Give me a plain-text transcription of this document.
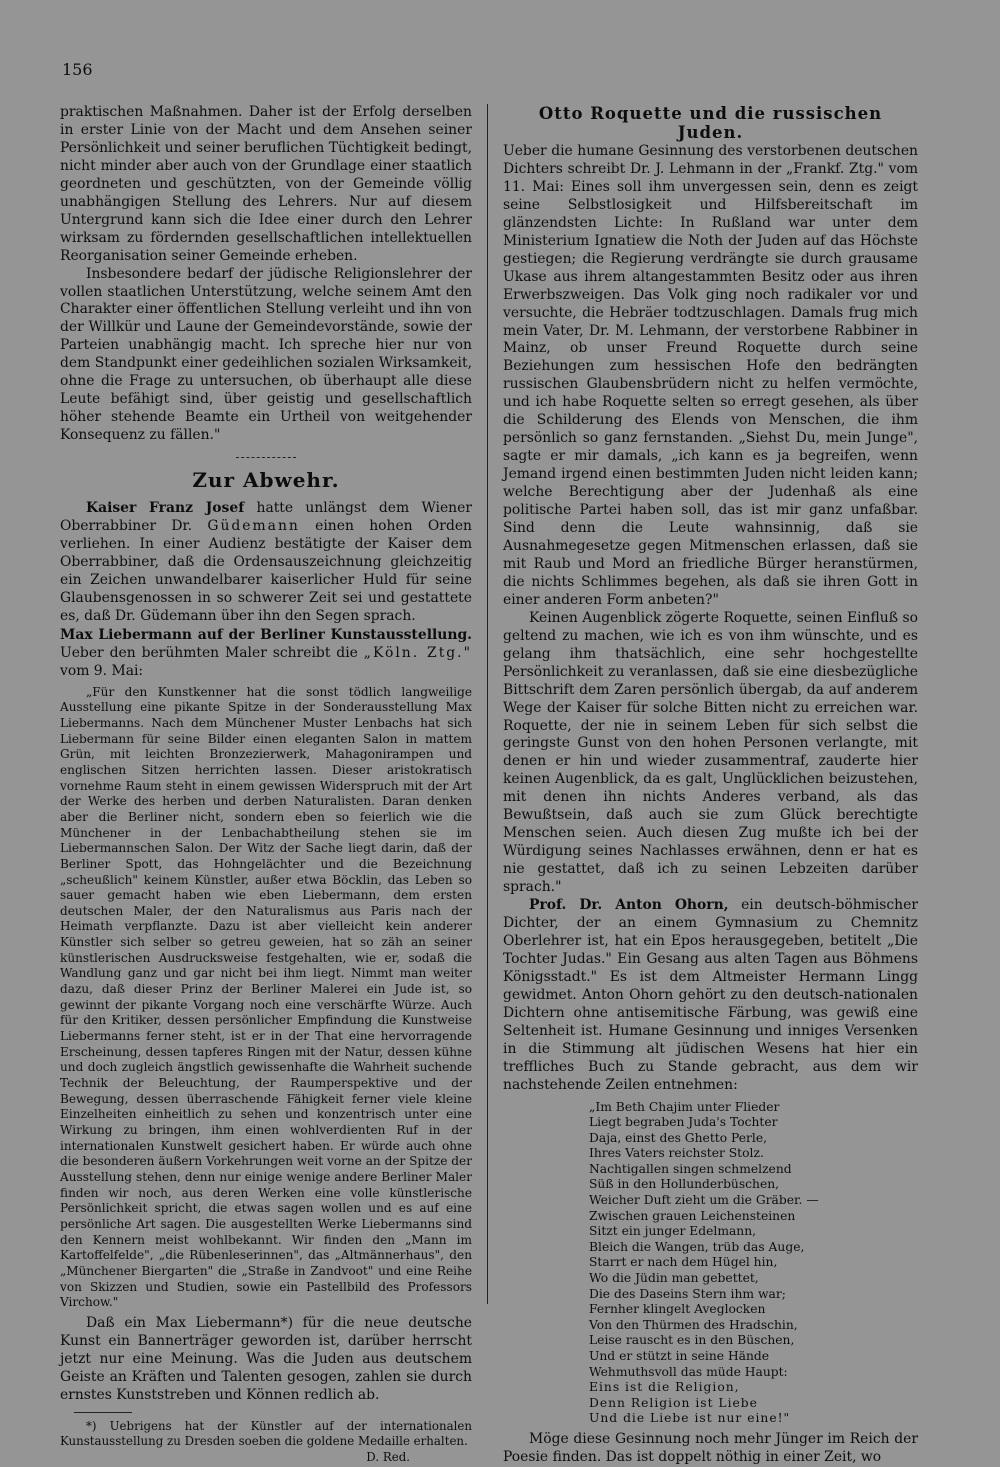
156

praktischen Maßnahmen. Daher ist der Erfolg derselben in erster Linie von der Macht und dem Ansehen seiner Persönlichkeit und seiner beruflichen Tüchtigkeit bedingt, nicht minder aber auch von der Grundlage einer staatlich geordneten und geschützten, von der Gemeinde völlig unabhängigen Stellung des Lehrers. Nur auf diesem Untergrund kann sich die Idee einer durch den Lehrer wirksam zu fördernden gesellschaftlichen intellektuellen Reorganisation seiner Gemeinde erheben.

Insbesondere bedarf der jüdische Religionslehrer der vollen staatlichen Unterstützung, welche seinem Amt den Charakter einer öffentlichen Stellung verleiht und ihn von der Willkür und Laune der Gemeindevorstände, sowie der Parteien unabhängig macht. Ich spreche hier nur von dem Standpunkt einer gedeihlichen sozialen Wirksamkeit, ohne die Frage zu untersuchen, ob überhaupt alle diese Leute befähigt sind, über geistig und gesellschaftlich höher stehende Beamte ein Urtheil von weitgehender Konsequenz zu fällen."

Zur Abwehr.

Kaiser Franz Josef hatte unlängst dem Wiener Oberrabbiner Dr. Güdemann einen hohen Orden verliehen. In einer Audienz bestätigte der Kaiser dem Oberrabbiner, daß die Ordensauszeichnung gleichzeitig ein Zeichen unwandelbarer kaiserlicher Huld für seine Glaubensgenossen in so schwerer Zeit sei und gestattete es, daß Dr. Güdemann über ihn den Segen sprach.

Max Liebermann auf der Berliner Kunstausstellung. Ueber den berühmten Maler schreibt die „Köln. Ztg." vom 9. Mai:

„Für den Kunstkenner hat die sonst tödlich langweilige Ausstellung eine pikante Spitze in der Sonderausstellung Max Liebermanns. Nach dem Münchener Muster Lenbachs hat sich Liebermann für seine Bilder einen eleganten Salon in mattem Grün, mit leichten Bronzezierwerk, Mahagonirampen und englischen Sitzen herrichten lassen. Dieser aristokratisch vornehme Raum steht in einem gewissen Widerspruch mit der Art der Werke des herben und derben Naturalisten. Daran denken aber die Berliner nicht, sondern eben so feierlich wie die Münchener in der Lenbachabtheilung stehen sie im Liebermannschen Salon. Der Witz der Sache liegt darin, daß der Berliner Spott, das Hohngelächter und die Bezeichnung „scheußlich" keinem Künstler, außer etwa Böcklin, das Leben so sauer gemacht haben wie eben Liebermann, dem ersten deutschen Maler, der den Naturalismus aus Paris nach der Heimath verpflanzte. Dazu ist aber vielleicht kein anderer Künstler sich selber so getreu geweien, hat so zäh an seiner künstlerischen Ausdrucksweise festgehalten, wie er, sodaß die Wandlung ganz und gar nicht bei ihm liegt. Nimmt man weiter dazu, daß dieser Prinz der Berliner Malerei ein Jude ist, so gewinnt der pikante Vorgang noch eine verschärfte Würze. Auch für den Kritiker, dessen persönlicher Empfindung die Kunstweise Liebermanns ferner steht, ist er in der That eine hervorragende Erscheinung, dessen tapferes Ringen mit der Natur, dessen kühne und doch zugleich ängstlich gewissenhafte die Wahrheit suchende Technik der Beleuchtung, der Raumperspektive und der Bewegung, dessen überraschende Fähigkeit ferner viele kleine Einzelheiten einheitlich zu sehen und konzentrisch unter eine Wirkung zu bringen, ihm einen wohlverdienten Ruf in der internationalen Kunstwelt gesichert haben. Er würde auch ohne die besonderen äußern Vorkehrungen weit vorne an der Spitze der Ausstellung stehen, denn nur einige wenige andere Berliner Maler finden wir noch, aus deren Werken eine volle künstlerische Persönlichkeit spricht, die etwas sagen wollen und es auf eine persönliche Art sagen. Die ausgestellten Werke Liebermanns sind den Kennern meist wohlbekannt. Wir finden den „Mann im Kartoffelfelde", „die Rübenleserinnen", das „Altmännerhaus", den „Münchener Biergarten" die „Straße in Zandvoot" und eine Reihe von Skizzen und Studien, sowie ein Pastellbild des Professors Virchow."

Daß ein Max Liebermann*) für die neue deutsche Kunst ein Bannerträger geworden ist, darüber herrscht jetzt nur eine Meinung. Was die Juden aus deutschem Geiste an Kräften und Talenten gesogen, zahlen sie durch ernstes Kunststreben und Können redlich ab.

*) Uebrigens hat der Künstler auf der internationalen Kunstausstellung zu Dresden soeben die goldene Medaille erhalten.

D. Red.
Otto Roquette und die russischen Juden.

Ueber die humane Gesinnung des verstorbenen deutschen Dichters schreibt Dr. J. Lehmann in der „Frankf. Ztg." vom 11. Mai: Eines soll ihm unvergessen sein, denn es zeigt seine Selbstlosigkeit und Hilfsbereitschaft im glänzendsten Lichte: In Rußland war unter dem Ministerium Ignatiew die Noth der Juden auf das Höchste gestiegen; die Regierung verdrängte sie durch grausame Ukase aus ihrem altangestammten Besitz oder aus ihren Erwerbszweigen. Das Volk ging noch radikaler vor und versuchte, die Hebräer todtzuschlagen. Damals frug mich mein Vater, Dr. M. Lehmann, der verstorbene Rabbiner in Mainz, ob unser Freund Roquette durch seine Beziehungen zum hessischen Hofe den bedrängten russischen Glaubensbrüdern nicht zu helfen vermöchte, und ich habe Roquette selten so erregt gesehen, als über die Schilderung des Elends von Menschen, die ihm persönlich so ganz fernstanden. „Siehst Du, mein Junge", sagte er mir damals, „ich kann es ja begreifen, wenn Jemand irgend einen bestimmten Juden nicht leiden kann; welche Berechtigung aber der Judenhaß als eine politische Partei haben soll, das ist mir ganz unfaßbar. Sind denn die Leute wahnsinnig, daß sie Ausnahmegesetze gegen Mitmenschen erlassen, daß sie mit Raub und Mord an friedliche Bürger heranstürmen, die nichts Schlimmes begehen, als daß sie ihren Gott in einer anderen Form anbeten?"

Keinen Augenblick zögerte Roquette, seinen Einfluß so geltend zu machen, wie ich es von ihm wünschte, und es gelang ihm thatsächlich, eine sehr hochgestellte Persönlichkeit zu veranlassen, daß sie eine diesbezügliche Bittschrift dem Zaren persönlich übergab, da auf anderem Wege der Kaiser für solche Bitten nicht zu erreichen war. Roquette, der nie in seinem Leben für sich selbst die geringste Gunst von den hohen Personen verlangte, mit denen er hin und wieder zusammentraf, zauderte hier keinen Augenblick, da es galt, Unglücklichen beizustehen, mit denen ihn nichts Anderes verband, als das Bewußtsein, daß auch sie zum Glück berechtigte Menschen seien. Auch diesen Zug mußte ich bei der Würdigung seines Nachlasses erwähnen, denn er hat es nie gestattet, daß ich zu seinen Lebzeiten darüber sprach."

Prof. Dr. Anton Ohorn, ein deutsch-böhmischer Dichter, der an einem Gymnasium zu Chemnitz Oberlehrer ist, hat ein Epos herausgegeben, betitelt „Die Tochter Judas." Ein Gesang aus alten Tagen aus Böhmens Königsstadt." Es ist dem Altmeister Hermann Lingg gewidmet. Anton Ohorn gehört zu den deutsch-nationalen Dichtern ohne antisemitische Färbung, was gewiß eine Seltenheit ist. Humane Gesinnung und inniges Versenken in die Stimmung alt jüdischen Wesens hat hier ein treffliches Buch zu Stande gebracht, aus dem wir nachstehende Zeilen entnehmen:

„Im Beth Chajim unter Flieder
Liegt begraben Juda's Tochter
Daja, einst des Ghetto Perle,
Ihres Vaters reichster Stolz.
Nachtigallen singen schmelzend
Süß in den Hollunderbüschen,
Weicher Duft zieht um die Gräber. —
Zwischen grauen Leichensteinen
Sitzt ein junger Edelmann,
Bleich die Wangen, trüb das Auge,
Starrt er nach dem Hügel hin,
Wo die Jüdin man gebettet,
Die des Daseins Stern ihm war;
Fernher klingelt Aveglocken
Von den Thürmen des Hradschin,
Leise rauscht es in den Büschen,
Und er stützt in seine Hände
Wehmuthsvoll das müde Haupt:
Eins ist die Religion,
Denn Religion ist Liebe
Und die Liebe ist nur eine!"

Möge diese Gesinnung noch mehr Jünger im Reich der Poesie finden. Das ist doppelt nöthig in einer Zeit, wo
